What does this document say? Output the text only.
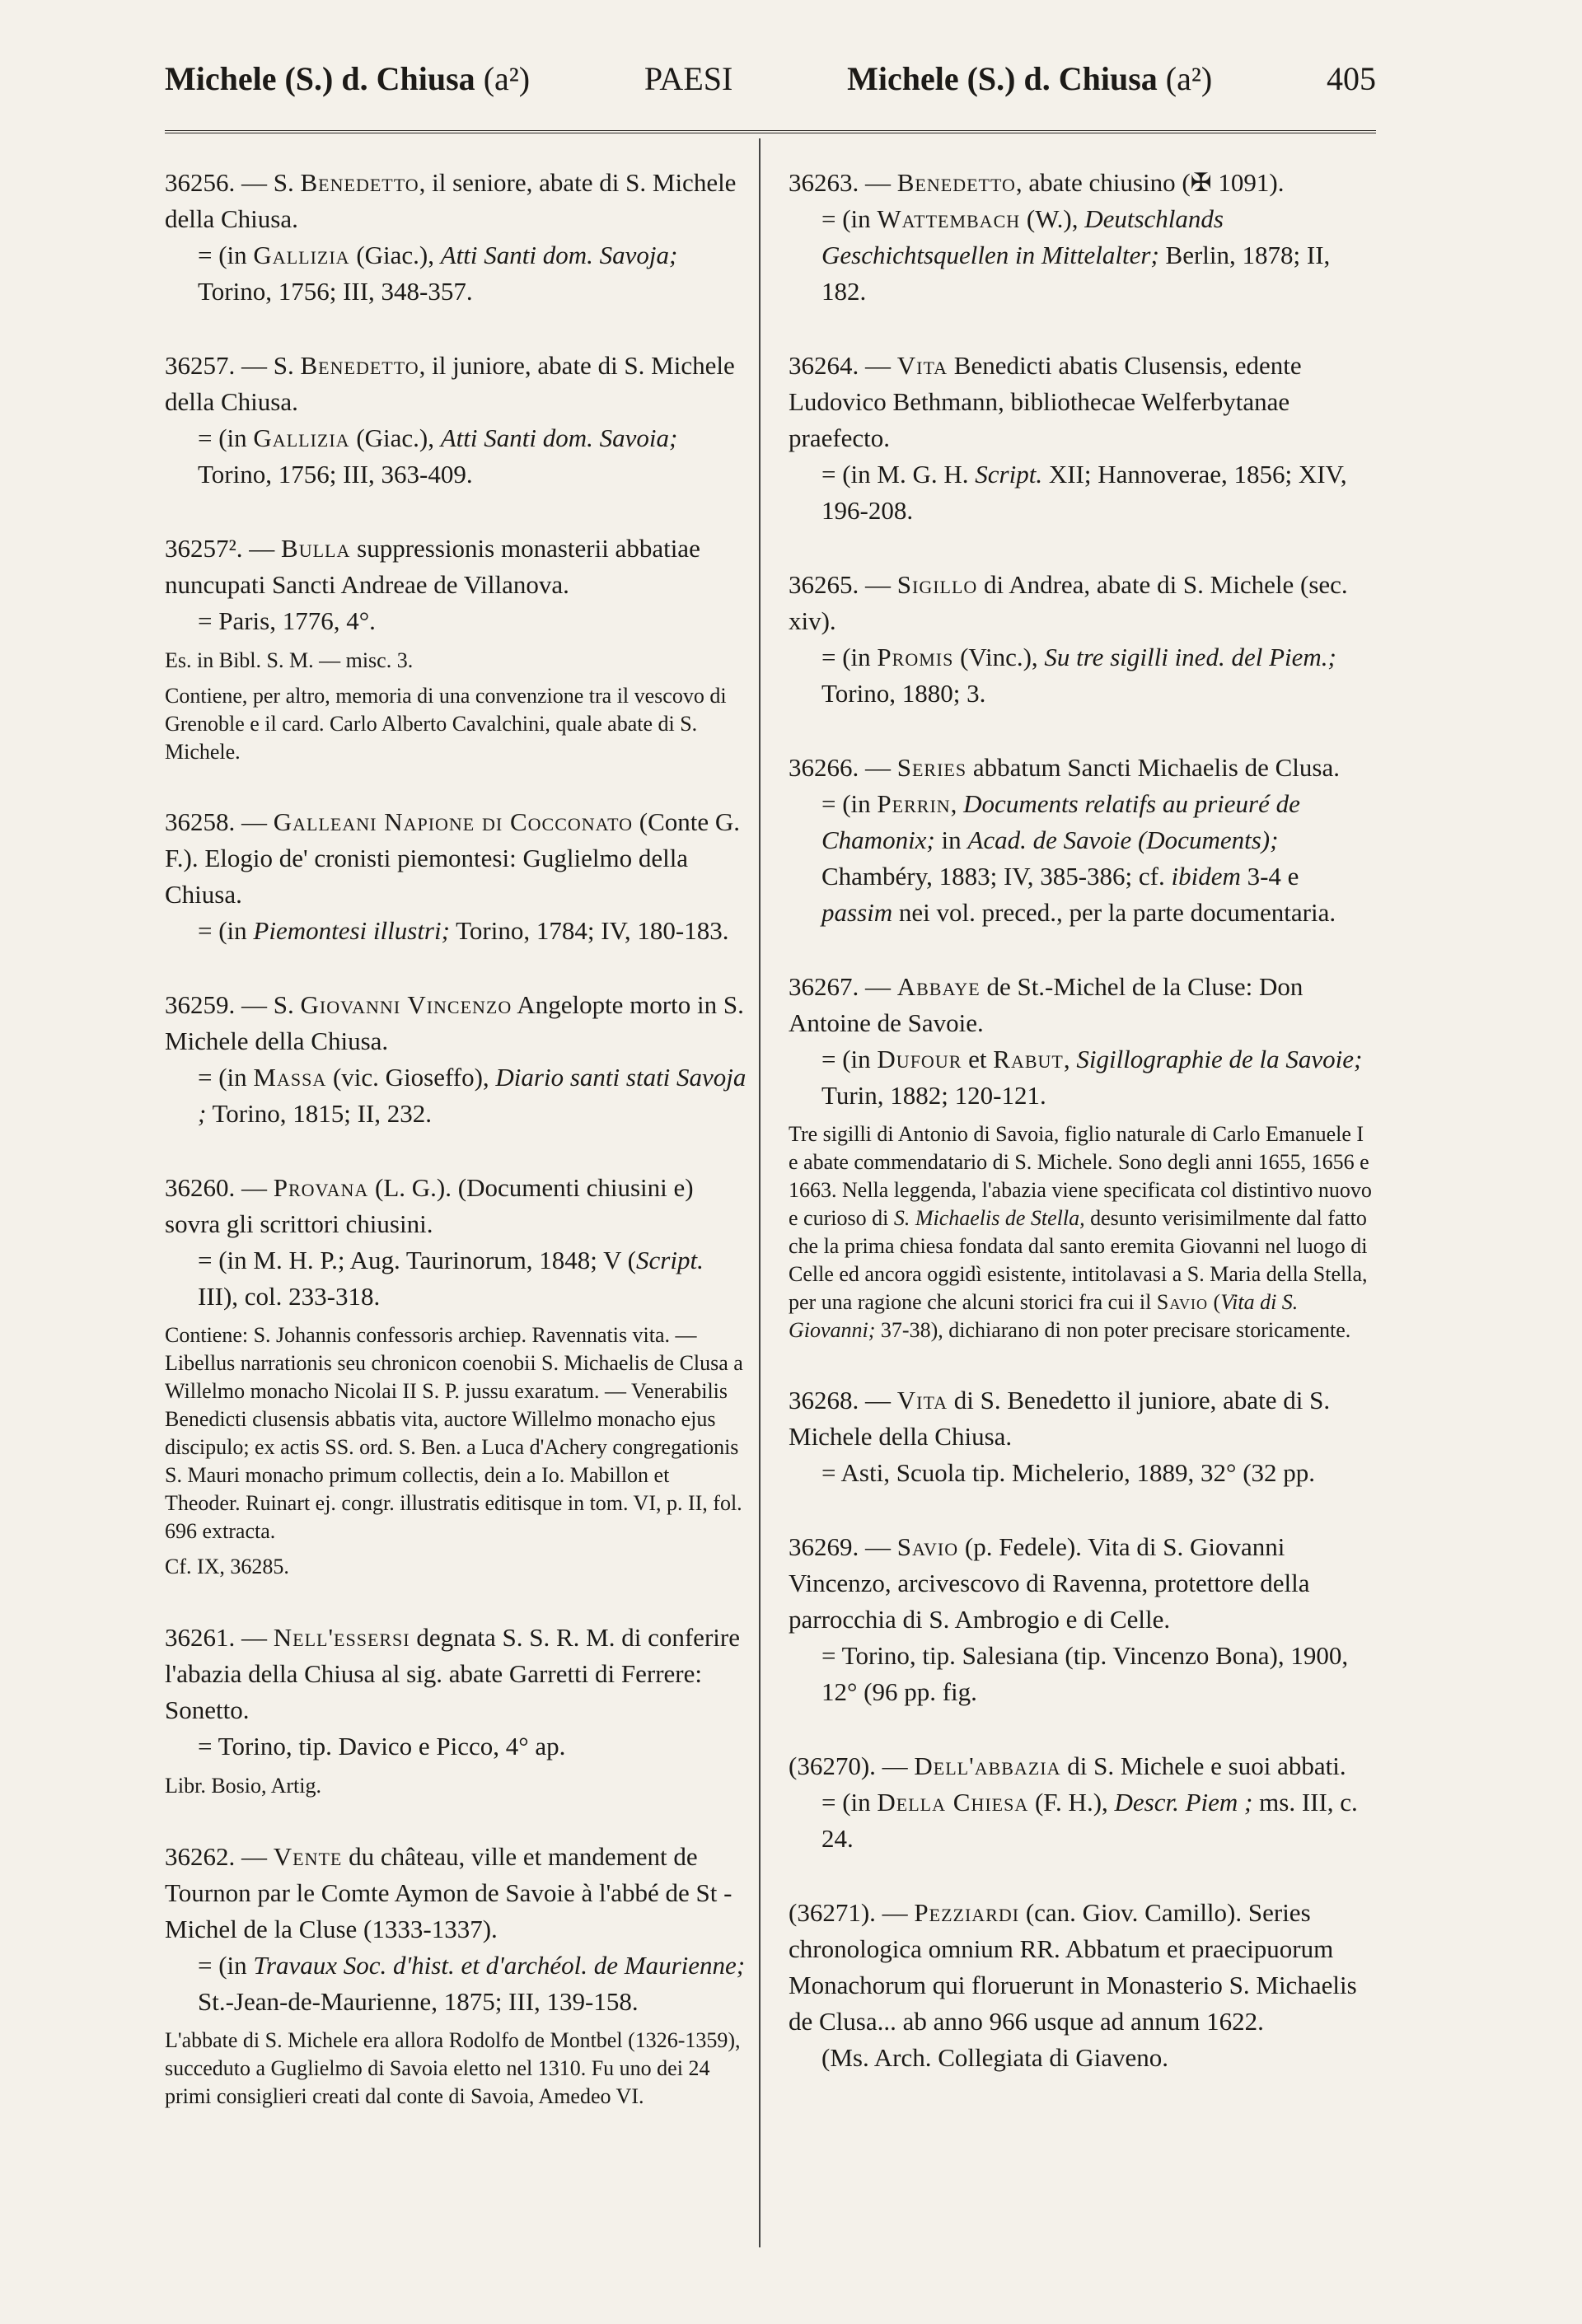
Michele (S.) d. Chiusa (a²)	PAESI	Michele (S.) d. Chiusa (a²)	405

36256. — S. Benedetto, il seniore, abate di S. Michele della Chiusa.

= (in Gallizia (Giac.), Atti Santi dom. Savoja; Torino, 1756; III, 348-357.

36257. — S. Benedetto, il juniore, abate di S. Michele della Chiusa.

= (in Gallizia (Giac.), Atti Santi dom. Savoia; Torino, 1756; III, 363-409.

36257². — Bulla suppressionis monasterii abbatiae nuncupati Sancti Andreae de Villanova.

= Paris, 1776, 4°.

Es. in Bibl. S. M. — misc. 3.

Contiene, per altro, memoria di una convenzione tra il vescovo di Grenoble e il card. Carlo Alberto Cavalchini, quale abate di S. Michele.

36258. — Galleani Napione di Cocconato (Conte G. F.). Elogio de' cronisti piemontesi: Guglielmo della Chiusa.

= (in Piemontesi illustri; Torino, 1784; IV, 180-183.

36259. — S. Giovanni Vincenzo Angelopte morto in S. Michele della Chiusa.

= (in Massa (vic. Gioseffo), Diario santi stati Savoja ; Torino, 1815; II, 232.

36260. — Provana (L. G.). (Documenti chiusini e) sovra gli scrittori chiusini.

= (in M. H. P.; Aug. Taurinorum, 1848; V (Script. III), col. 233-318.

Contiene: S. Johannis confessoris archiep. Ravennatis vita. — Libellus narrationis seu chronicon coenobii S. Michaelis de Clusa a Willelmo monacho Nicolai II S. P. jussu exaratum. — Venerabilis Benedicti clusensis abbatis vita, auctore Willelmo monacho ejus discipulo; ex actis SS. ord. S. Ben. a Luca d'Achery congregationis S. Mauri monacho primum collectis, dein a Io. Mabillon et Theoder. Ruinart ej. congr. illustratis editisque in tom. VI, p. II, fol. 696 extracta.

Cf. IX, 36285.

36261. — Nell'essersi degnata S. S. R. M. di conferire l'abazia della Chiusa al sig. abate Garretti di Ferrere: Sonetto.

= Torino, tip. Davico e Picco, 4° ap.

Libr. Bosio, Artig.

36262. — Vente du château, ville et mandement de Tournon par le Comte Aymon de Savoie à l'abbé de St -Michel de la Cluse (1333-1337).

= (in Travaux Soc. d'hist. et d'archéol. de Maurienne; St.-Jean-de-Maurienne, 1875; III, 139-158.

L'abbate di S. Michele era allora Rodolfo de Montbel (1326-1359), succeduto a Guglielmo di Savoia eletto nel 1310. Fu uno dei 24 primi consiglieri creati dal conte di Savoia, Amedeo VI.

36263. — Benedetto, abate chiusino (✠ 1091).

= (in Wattembach (W.), Deutschlands Geschichtsquellen in Mittelalter; Berlin, 1878; II, 182.

36264. — Vita Benedicti abatis Clusensis, edente Ludovico Bethmann, bibliothecae Welferbytanae praefecto.

= (in M. G. H. Script. XII; Hannoverae, 1856; XIV, 196-208.

36265. — Sigillo di Andrea, abate di S. Michele (sec. xiv).

= (in Promis (Vinc.), Su tre sigilli ined. del Piem.; Torino, 1880; 3.

36266. — Series abbatum Sancti Michaelis de Clusa.

= (in Perrin, Documents relatifs au prieuré de Chamonix; in Acad. de Savoie (Documents); Chambéry, 1883; IV, 385-386; cf. ibidem 3-4 e passim nei vol. preced., per la parte documentaria.

36267. — Abbaye de St.-Michel de la Cluse: Don Antoine de Savoie.

= (in Dufour et Rabut, Sigillographie de la Savoie; Turin, 1882; 120-121.

Tre sigilli di Antonio di Savoia, figlio naturale di Carlo Emanuele I e abate commendatario di S. Michele. Sono degli anni 1655, 1656 e 1663. Nella leggenda, l'abazia viene specificata col distintivo nuovo e curioso di S. Michaelis de Stella, desunto verisimilmente dal fatto che la prima chiesa fondata dal santo eremita Giovanni nel luogo di Celle ed ancora oggidì esistente, intitolavasi a S. Maria della Stella, per una ragione che alcuni storici fra cui il Savio (Vita di S. Giovanni; 37-38), dichiarano di non poter precisare storicamente.

36268. — Vita di S. Benedetto il juniore, abate di S. Michele della Chiusa.

= Asti, Scuola tip. Michelerio, 1889, 32° (32 pp.

36269. — Savio (p. Fedele). Vita di S. Giovanni Vincenzo, arcivescovo di Ravenna, protettore della parrocchia di S. Ambrogio e di Celle.

= Torino, tip. Salesiana (tip. Vincenzo Bona), 1900, 12° (96 pp. fig.

(36270). — Dell'abbazia di S. Michele e suoi abbati.

= (in Della Chiesa (F. H.), Descr. Piem ; ms. III, c. 24.

(36271). — Pezziardi (can. Giov. Camillo). Series chronologica omnium RR. Abbatum et praecipuorum Monachorum qui floruerunt in Monasterio S. Michaelis de Clusa... ab anno 966 usque ad annum 1622.

(Ms. Arch. Collegiata di Giaveno.
